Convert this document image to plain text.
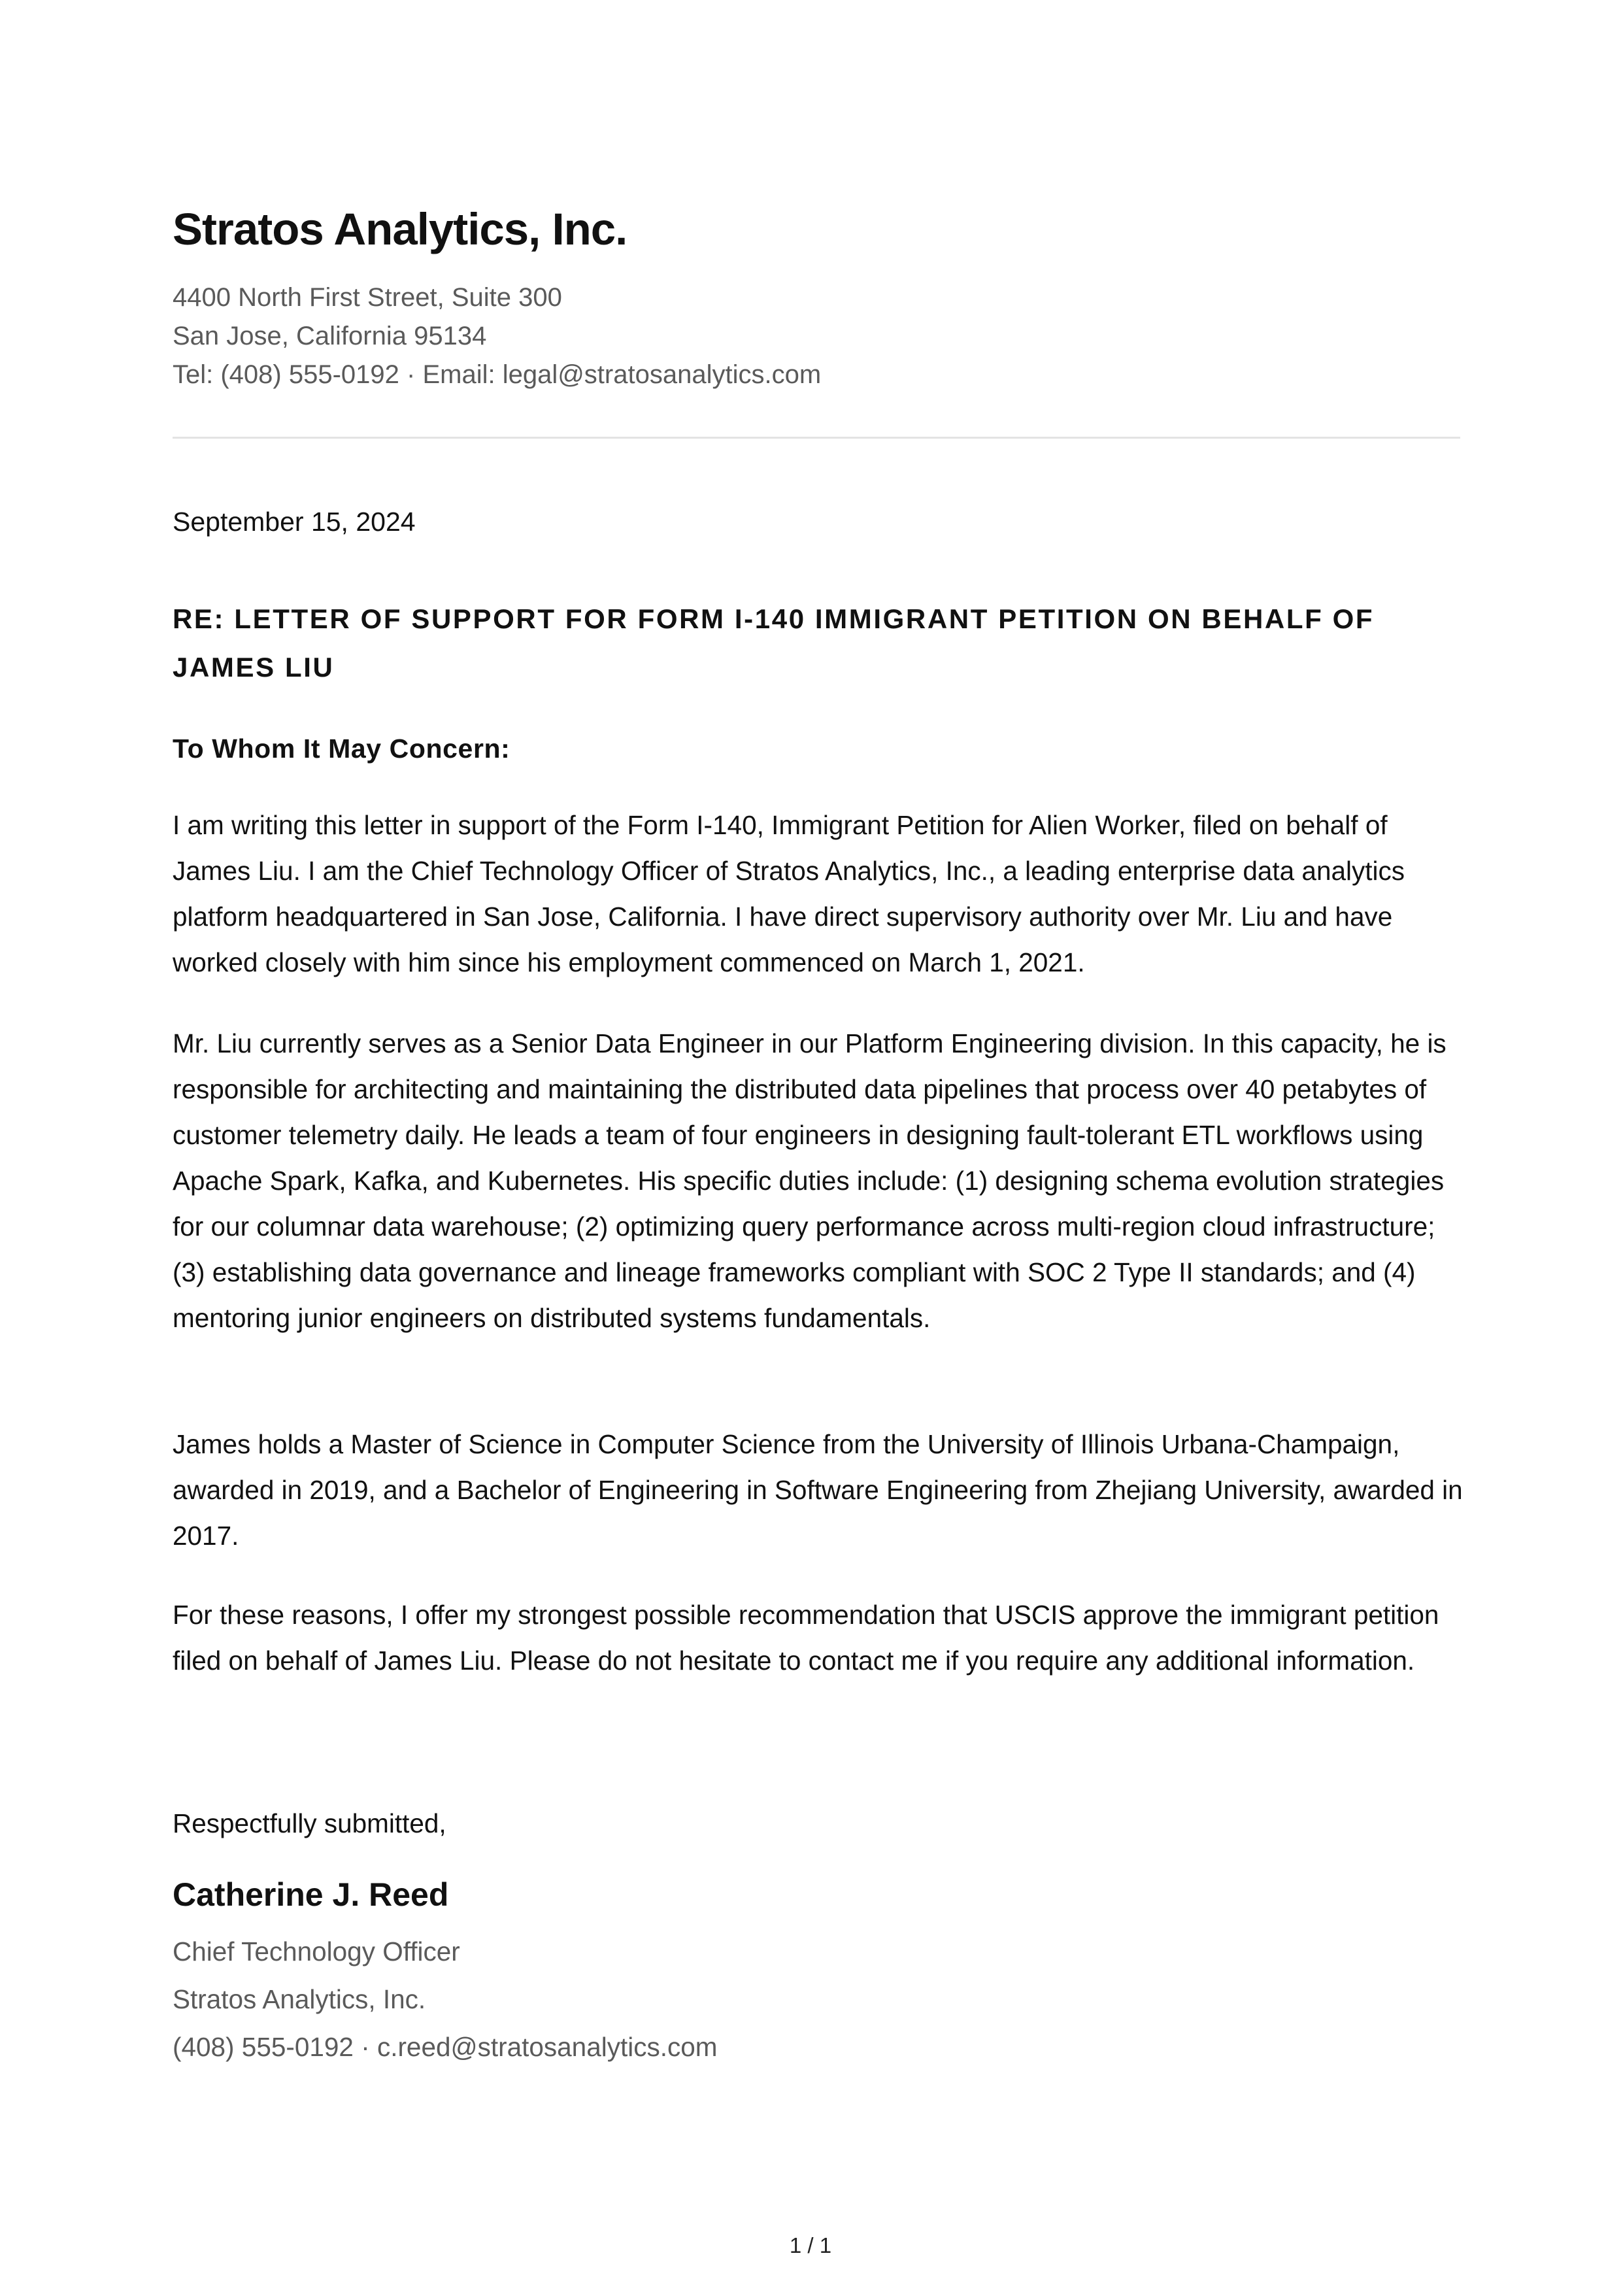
Stratos Analytics, Inc.
4400 North First Street, Suite 300
San Jose, California 95134
Tel: (408) 555-0192 · Email: legal@stratosanalytics.com
September 15, 2024
RE: LETTER OF SUPPORT FOR FORM I-140 IMMIGRANT PETITION ON BEHALF OF JAMES LIU
To Whom It May Concern:

I am writing this letter in support of the Form I-140, Immigrant Petition for Alien Worker, filed on behalf of James Liu. I am the Chief Technology Officer of Stratos Analytics, Inc., a leading enterprise data analytics platform headquartered in San Jose, California. I have direct supervisory authority over Mr. Liu and have worked closely with him since his employment commenced on March 1, 2021.

Mr. Liu currently serves as a Senior Data Engineer in our Platform Engineering division. In this capacity, he is responsible for architecting and maintaining the distributed data pipelines that process over 40 petabytes of customer telemetry daily. He leads a team of four engineers in designing fault-tolerant ETL workflows using Apache Spark, Kafka, and Kubernetes. His specific duties include: (1) designing schema evolution strategies for our columnar data warehouse; (2) optimizing query performance across multi-region cloud infrastructure; (3) establishing data governance and lineage frameworks compliant with SOC 2 Type II standards; and (4) mentoring junior engineers on distributed systems fundamentals.

James holds a Master of Science in Computer Science from the University of Illinois Urbana-Champaign, awarded in 2019, and a Bachelor of Engineering in Software Engineering from Zhejiang University, awarded in 2017.

For these reasons, I offer my strongest possible recommendation that USCIS approve the immigrant petition filed on behalf of James Liu. Please do not hesitate to contact me if you require any additional information.

Respectfully submitted,
Catherine J. Reed
Chief Technology Officer
Stratos Analytics, Inc.
(408) 555-0192 · c.reed@stratosanalytics.com
1 / 1
